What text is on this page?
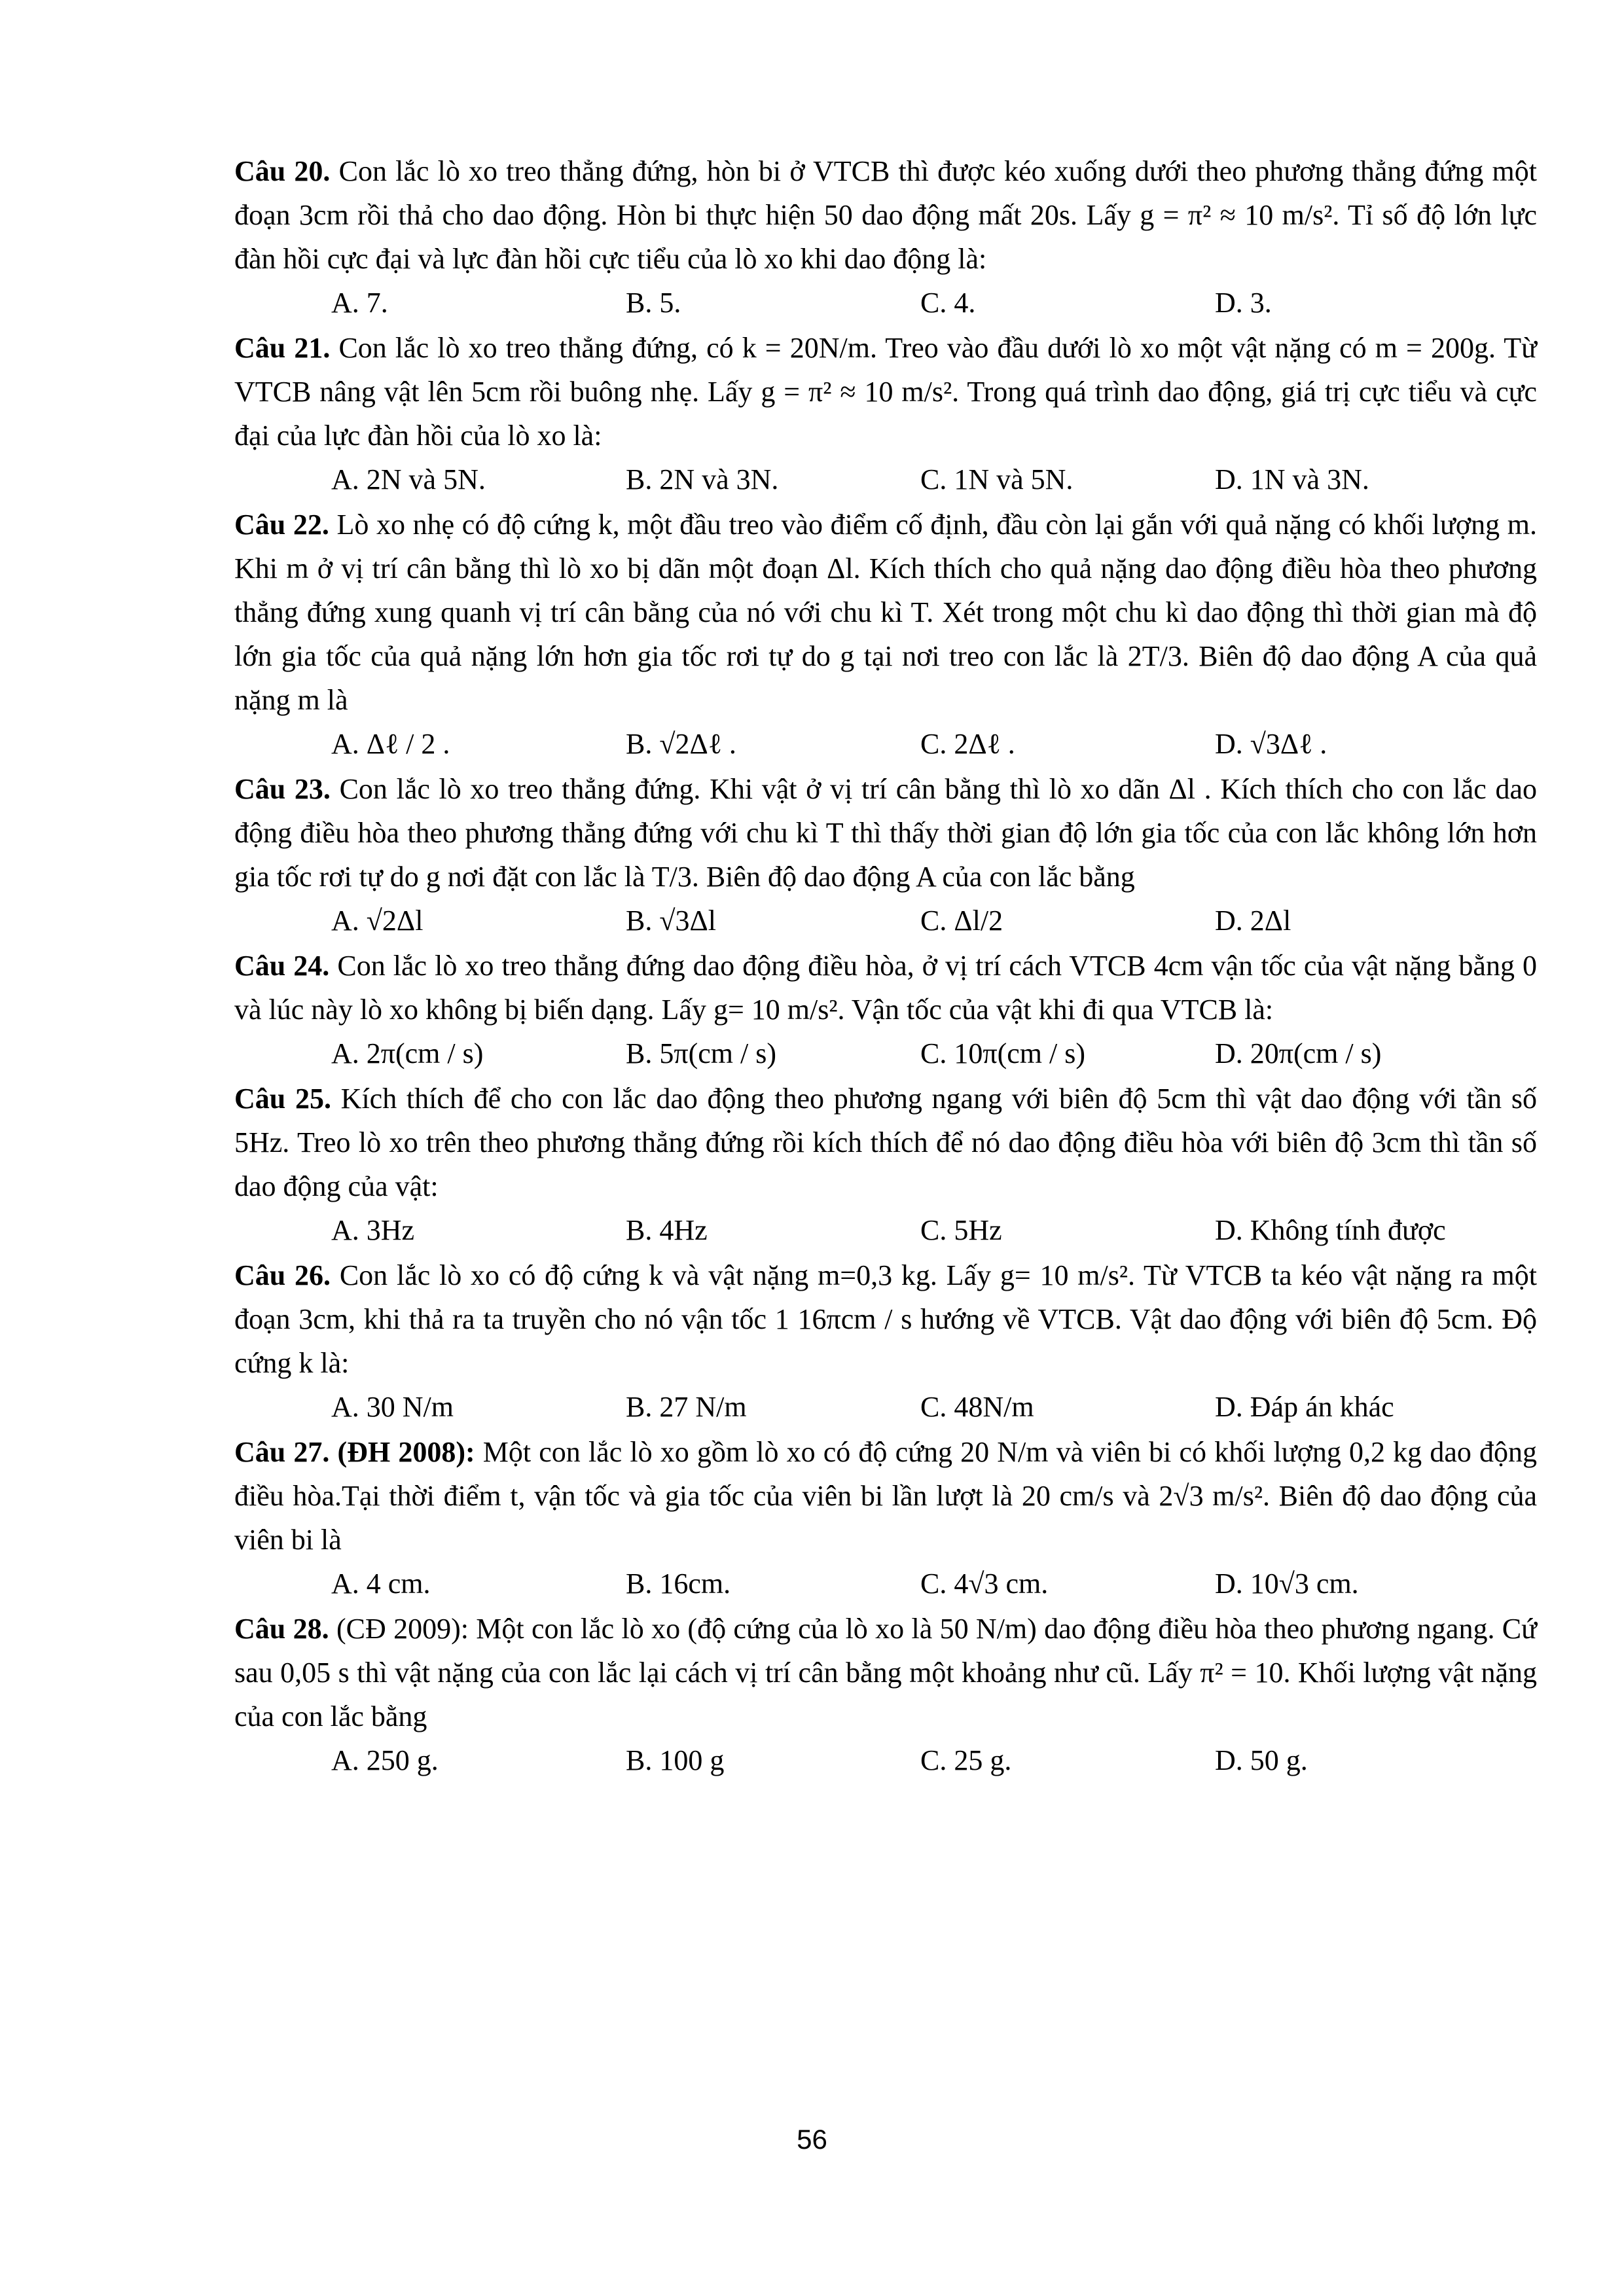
Câu 20. Con lắc lò xo treo thẳng đứng, hòn bi ở VTCB thì được kéo xuống dưới theo phương thẳng đứng một đoạn 3cm rồi thả cho dao động. Hòn bi thực hiện 50 dao động mất 20s. Lấy g = π² ≈ 10 m/s². Tỉ số độ lớn lực đàn hồi cực đại và lực đàn hồi cực tiểu của lò xo khi dao động là:

A. 7.	B. 5.	C. 4.	D. 3.

Câu 21. Con lắc lò xo treo thẳng đứng, có k = 20N/m. Treo vào đầu dưới lò xo một vật nặng có m = 200g. Từ VTCB nâng vật lên 5cm rồi buông nhẹ. Lấy g = π² ≈ 10 m/s². Trong quá trình dao động, giá trị cực tiểu và cực đại của lực đàn hồi của lò xo là:

A. 2N và 5N.	B. 2N và 3N.	C. 1N và 5N.	D. 1N và 3N.

Câu 22. Lò xo nhẹ có độ cứng k, một đầu treo vào điểm cố định, đầu còn lại gắn với quả nặng có khối lượng m. Khi m ở vị trí cân bằng thì lò xo bị dãn một đoạn Δl. Kích thích cho quả nặng dao động điều hòa theo phương thẳng đứng xung quanh vị trí cân bằng của nó với chu kì T. Xét trong một chu kì dao động thì thời gian mà độ lớn gia tốc của quả nặng lớn hơn gia tốc rơi tự do g tại nơi treo con lắc là 2T/3. Biên độ dao động A của quả nặng m là

A. Δℓ / 2 .	B. √2Δℓ .	C. 2Δℓ .	D. √3Δℓ .

Câu 23. Con lắc lò xo treo thẳng đứng. Khi vật ở vị trí cân bằng thì lò xo dãn Δl . Kích thích cho con lắc dao động điều hòa theo phương thẳng đứng với chu kì T thì thấy thời gian độ lớn gia tốc của con lắc không lớn hơn gia tốc rơi tự do g nơi đặt con lắc là T/3. Biên độ dao động A của con lắc bằng

A. √2Δl	B. √3Δl	C. Δl/2	D. 2Δl

Câu 24. Con lắc lò xo treo thẳng đứng dao động điều hòa, ở vị trí cách VTCB 4cm vận tốc của vật nặng bằng 0 và lúc này lò xo không bị biến dạng. Lấy g= 10 m/s². Vận tốc của vật khi đi qua VTCB là:

A. 2π(cm / s)	B. 5π(cm / s)	C. 10π(cm / s)	D. 20π(cm / s)

Câu 25. Kích thích để cho con lắc dao động theo phương ngang với biên độ 5cm thì vật dao động với tần số 5Hz. Treo lò xo trên theo phương thẳng đứng rồi kích thích để nó dao động điều hòa với biên độ 3cm thì tần số dao động của vật:

A. 3Hz	B. 4Hz	C. 5Hz	D. Không tính được

Câu 26. Con lắc lò xo có độ cứng k và vật nặng m=0,3 kg. Lấy g= 10 m/s². Từ VTCB ta kéo vật nặng ra một đoạn 3cm, khi thả ra ta truyền cho nó vận tốc 1 16πcm / s hướng về VTCB. Vật dao động với biên độ 5cm. Độ cứng k là:

A. 30 N/m	B. 27 N/m	C. 48N/m	D. Đáp án khác

Câu 27. (ĐH 2008): Một con lắc lò xo gồm lò xo có độ cứng 20 N/m và viên bi có khối lượng 0,2 kg dao động điều hòa.Tại thời điểm t, vận tốc và gia tốc của viên bi lần lượt là 20 cm/s và 2√3 m/s². Biên độ dao động của viên bi là

A. 4 cm.	B. 16cm.	C. 4√3 cm.	D. 10√3 cm.

Câu 28. (CĐ 2009): Một con lắc lò xo (độ cứng của lò xo là 50 N/m) dao động điều hòa theo phương ngang. Cứ sau 0,05 s thì vật nặng của con lắc lại cách vị trí cân bằng một khoảng như cũ. Lấy π² = 10. Khối lượng vật nặng của con lắc bằng

A. 250 g.	B. 100 g	C. 25 g.	D. 50 g.
56
